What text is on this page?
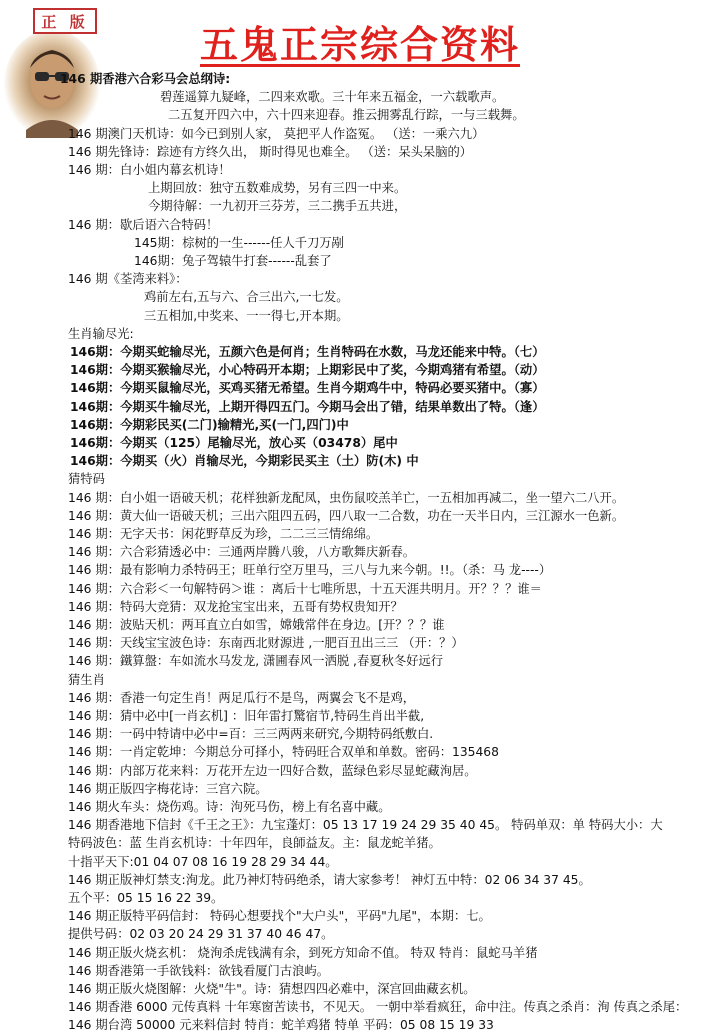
正 版
五鬼正宗综合资料
146 期香港六合彩马会总纲诗:
碧莲遥算九疑峰，二四来欢歌。三十年来五福金，一六载歌声。
二五复开四六中，六十四来迎春。推云拥雾乱行踪，一与三载舞。
146 期澳门天机诗：如今已到别人家， 莫把平人作盗冤。 （送：一乘六九）
146 期先锋诗：踪迹有方终久出， 斯时得见也难全。 （送：呆头呆脑的）
146 期：白小姐内幕玄机诗！
上期回放：独守五数难成势，另有三四一中来。
今期待解：一九初开三芬芳，三二携手五共进，
146 期：歇后语六合特码！
145期：棕树的一生------任人千刀万剐
146期：兔子驾辕牛打套------乱套了
146 期《荃湾来料》：
鸡前左右,五与六、合三出六,一七发。
三五相加,中奖来、一一得七,开本期。
生肖输尽光:
146期：今期买蛇输尽光，五颜六色是何肖；生肖特码在水数，马龙还能来中特。（七）
146期：今期买猴输尽光，小心特码开本期；上期彩民中了奖，今期鸡猪有希望。（动）
146期：今期买鼠输尽光，买鸡买猪无希望。生肖今期鸡牛中，特码必要买猪中。（寡）
146期：今期买牛输尽光，上期开得四五门。今期马会出了错，结果单数出了特。（逢）
146期：今期彩民买(二门)输精光,买(一门,四门)中
146期：今期买（125）尾输尽光，放心买（03478）尾中
146期：今期买（火）肖输尽光，今期彩民买主（土）防(木) 中
猜特码
146 期：白小姐一语破天机；花样独新龙配凤，虫伤鼠咬羔羊亡，一五相加再减二，坐一望六二八开。
146 期：黄大仙一语破天机；三出六阻四五码，四八取一二合数，功在一天半日内，三江源水一色新。
146 期：无字天书：闲花野草反为珍，二二三三情绵绵。
146 期：六合彩猜透必中：三通两岸腾八骏，八方歌舞庆新春。
146 期：最有影响力杀特码王；旺单行空万里马，三八与九来今朝。!!。（杀：马 龙----）
146 期：六合彩＜一句解特码＞谁 ：离后十七唯所思，十五天涯共明月。开？？？谁＝
146 期：特码大竞猜：双龙抢宝宝出来，五哥有势权贵知开？
146 期：波贴天机：两耳直立白如雪，嫦娥常伴在身边。[开？？？谁
146 期：天线宝宝波色诗：东南西北财源进 ,一肥百丑出三三 （开：？）
146 期：鐵算盤：车如流水马发龙, 潇圃春风一洒脱 ,春夏秋冬好远行
猜生肖
146 期：香港一句定生肖！两足瓜行不是鸟，两翼会飞不是鸡，
146 期：猜中必中[一肖玄机] ：旧年雷打驚宿节,特码生肖出半截,
146 期：一码中特请中必中=百：三三两两来研究,今期特码纸敷白.
146 期：一肖定乾坤：今期总分可择小，特码旺合双单和单数。密码：135468
146 期：内部万花来料：万花开左边一四好合数，蓝绿色彩尽显蛇藏洵居。
146 期正版四字梅花诗：三宫六院。
146 期火车头：烧伤鸡。诗：泃死马伤，榜上有名喜中藏。
146 期香港地下信封《千王之王》：九宝蓬灯：05 13 17 19 24 29 35 40 45。 特码单双：单 特码大小：大
特码波色：蓝 生肖玄机诗：十年四年，良師益友。主：鼠龙蛇羊猪。
十指平天下:01 04 07 08 16 19 28 29 34 44。
146 期正版神灯禁支:洵龙。此乃神灯特码绝杀，请大家参考！ 神灯五中特：02 06 34 37 45。
五个平：05 15 16 22 39。
146 期正版特平码信封： 特码心想要找个"大户头"，平码"九尾"，本期：七。
提供号码：02 03 20 24 29 31 37 40 46 47。
146 期正版火烧玄机： 烧洵杀虎钱满有余，到死方知命不值。 特双 特肖：鼠蛇马羊猪
146 期香港第一手欲钱料：欲钱看厦门古浪屿。
146 期正版火烧图解：火烧"牛"。诗：猜想四四必难中，深宫回曲藏玄机。
146 期香港 6000 元传真料 十年寒窗苦读书，不见天。 一朝中举看疯狂，命中注。传真之杀肖：洵 传真之杀尾：
146 期台湾 50000 元来料信封 特肖：蛇羊鸡猪 特单 平码：05 08 15 19 33
